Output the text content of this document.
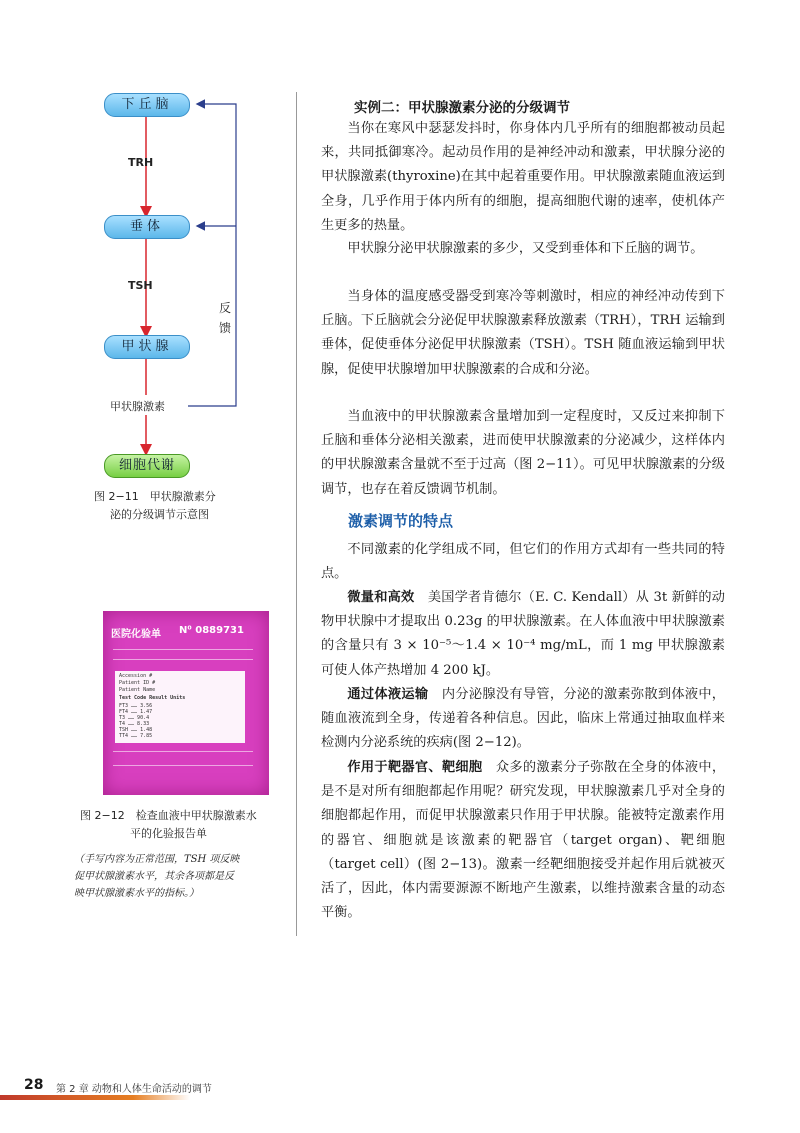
下丘脑
TRH
垂体
TSH
甲状腺
甲状腺激素
细胞代谢
反
馈
图 2−11　甲状腺激素分
泌的分级调节示意图
医院化验单 N⁰ 0889731
Accession #
Patient ID #
Patient Name
Test Code Result Units
FT3 …… 3.56
FT4 …… 1.47
T3 …… 90.4
T4 …… 8.33
TSH …… 1.48
TT4 …… 7.85
图 2−12　检查血液中甲状腺激素水
平的化验报告单
（手写内容为正常范围，TSH 项反映
促甲状腺激素水平，其余各项都是反
映甲状腺激素水平的指标。）
实例二：甲状腺激素分泌的分级调节
当你在寒风中瑟瑟发抖时，你身体内几乎所有的细胞都被动员起来，共同抵御寒冷。起动员作用的是神经冲动和激素，甲状腺分泌的甲状腺激素(thyroxine)在其中起着重要作用。甲状腺激素随血液运到全身，几乎作用于体内所有的细胞，提高细胞代谢的速率，使机体产生更多的热量。
甲状腺分泌甲状腺激素的多少，又受到垂体和下丘脑的调节。
当身体的温度感受器受到寒冷等刺激时，相应的神经冲动传到下丘脑。下丘脑就会分泌促甲状腺激素释放激素（TRH），TRH 运输到垂体，促使垂体分泌促甲状腺激素（TSH）。TSH 随血液运输到甲状腺，促使甲状腺增加甲状腺激素的合成和分泌。
当血液中的甲状腺激素含量增加到一定程度时，又反过来抑制下丘脑和垂体分泌相关激素，进而使甲状腺激素的分泌减少，这样体内的甲状腺激素含量就不至于过高（图 2−11）。可见甲状腺激素的分级调节，也存在着反馈调节机制。
激素调节的特点
不同激素的化学组成不同，但它们的作用方式却有一些共同的特点。
微量和高效　美国学者肯德尔（E. C. Kendall）从 3t 新鲜的动物甲状腺中才提取出 0.23g 的甲状腺激素。在人体血液中甲状腺激素的含量只有 3 × 10⁻⁵～1.4 × 10⁻⁴ mg/mL，而 1 mg 甲状腺激素可使人体产热增加 4 200 kJ。
通过体液运输　内分泌腺没有导管，分泌的激素弥散到体液中，随血液流到全身，传递着各种信息。因此，临床上常通过抽取血样来检测内分泌系统的疾病(图 2−12)。
作用于靶器官、靶细胞　众多的激素分子弥散在全身的体液中，是不是对所有细胞都起作用呢？研究发现，甲状腺激素几乎对全身的细胞都起作用，而促甲状腺激素只作用于甲状腺。能被特定激素作用的器官、细胞就是该激素的靶器官（target organ)、靶细胞（target cell）(图 2−13)。激素一经靶细胞接受并起作用后就被灭活了，因此，体内需要源源不断地产生激素，以维持激素含量的动态平衡。
28 第 2 章 动物和人体生命活动的调节
